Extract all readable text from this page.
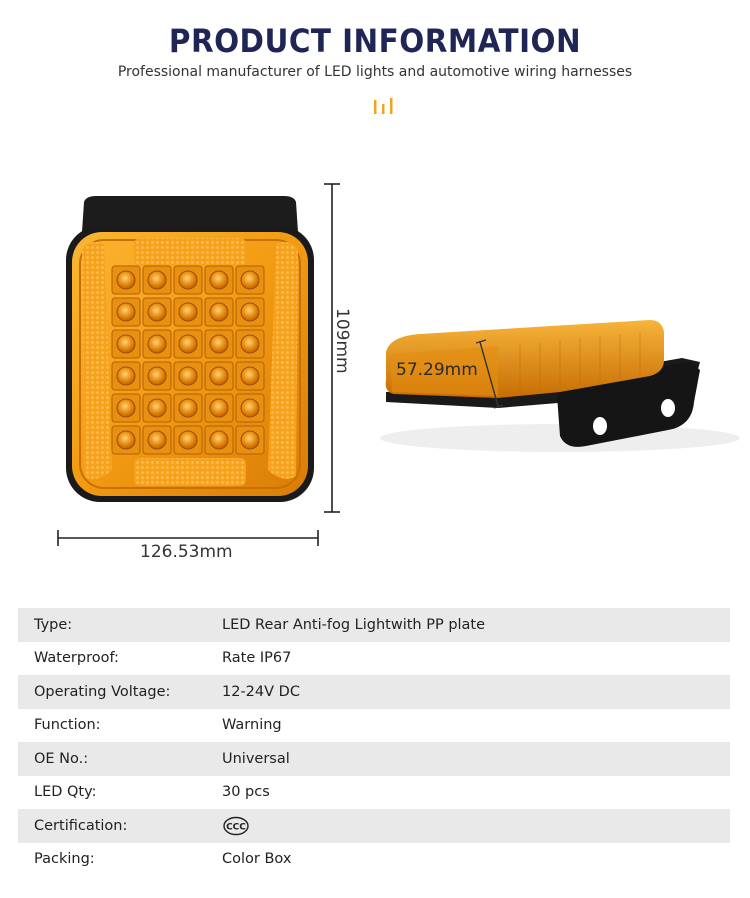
PRODUCT INFORMATION
Professional manufacturer of LED lights and automotive wiring harnesses
126.53mm
109mm	57.29mm
Type:	LED Rear Anti-fog Lightwith PP plate
Waterproof:	Rate IP67
Operating Voltage:	12-24V DC
Function:	Warning
OE No.:	Universal
LED Qty:	30 pcs
Certification:	CCC
Packing:	Color Box
